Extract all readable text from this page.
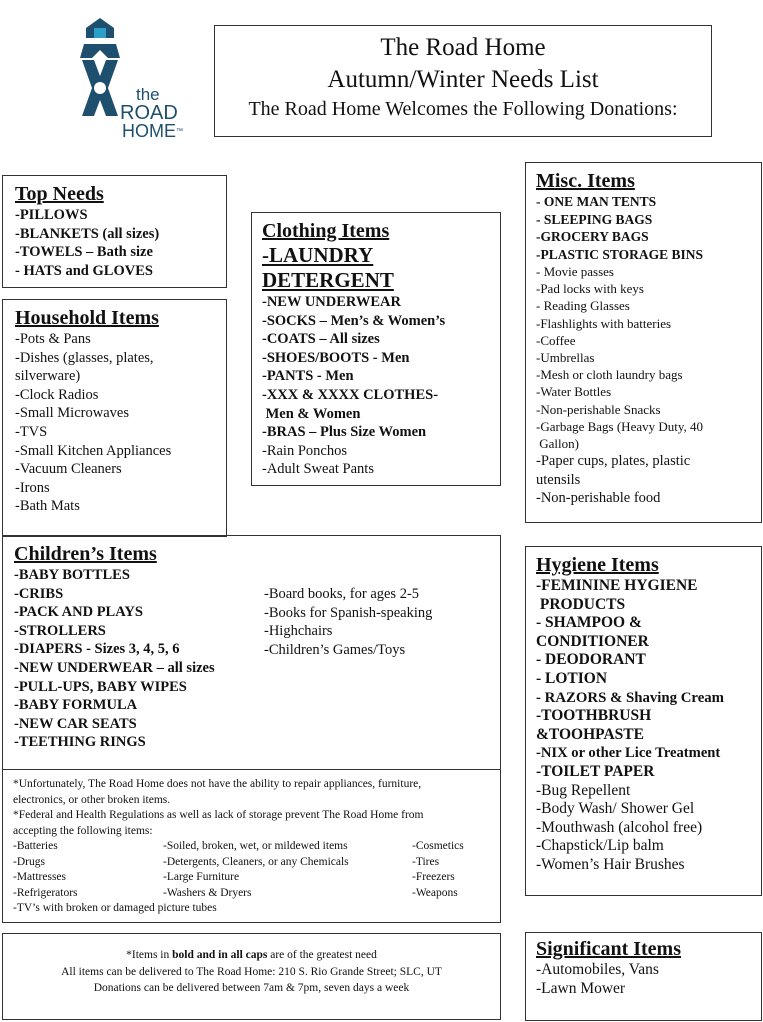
the
ROAD
HOME™
The Road Home
Autumn/Winter Needs List
The Road Home Welcomes the Following Donations:
Top Needs
-PILLOWS
-BLANKETS (all sizes)
-TOWELS – Bath size
- HATS and GLOVES
Household Items
-Pots & Pans
-Dishes (glasses, plates,
silverware)
-Clock Radios
-Small Microwaves
-TVS
-Small Kitchen Appliances
-Vacuum Cleaners
-Irons
-Bath Mats
Clothing Items
-LAUNDRY
DETERGENT
-NEW UNDERWEAR
-SOCKS – Men’s & Women’s
-COATS – All sizes
-SHOES/BOOTS - Men
-PANTS - Men
-XXX & XXXX CLOTHES-
Men & Women
-BRAS – Plus Size Women
-Rain Ponchos
-Adult Sweat Pants
Misc. Items
- ONE MAN TENTS
- SLEEPING BAGS
-GROCERY BAGS
-PLASTIC STORAGE BINS
- Movie passes
-Pad locks with keys
- Reading Glasses
-Flashlights with batteries
-Coffee
-Umbrellas
-Mesh or cloth laundry bags
-Water Bottles
-Non-perishable Snacks
-Garbage Bags (Heavy Duty, 40
Gallon)
-Paper cups, plates, plastic
utensils
-Non-perishable food
Children’s Items
-BABY BOTTLES
-CRIBS
-PACK AND PLAYS
-STROLLERS
-DIAPERS - Sizes 3, 4, 5, 6
-NEW UNDERWEAR – all sizes
-PULL-UPS, BABY WIPES
-BABY FORMULA
-NEW CAR SEATS
-TEETHING RINGS
-Board books, for ages 2-5
-Books for Spanish-speaking
-Highchairs
-Children’s Games/Toys
*Unfortunately, The Road Home does not have the ability to repair appliances, furniture,
electronics, or other broken items.
*Federal and Health Regulations as well as lack of storage prevent The Road Home from
accepting the following items:
-Batteries
-Drugs
-Mattresses
-Refrigerators
-Soiled, broken, wet, or mildewed items
-Detergents, Cleaners, or any Chemicals
-Large Furniture
-Washers & Dryers
-Cosmetics
-Tires
-Freezers
-Weapons
-TV’s with broken or damaged picture tubes
Hygiene Items
-FEMININE HYGIENE
PRODUCTS
- SHAMPOO &
CONDITIONER
- DEODORANT
- LOTION
- RAZORS & Shaving Cream
-TOOTHBRUSH
&TOOHPASTE
-NIX or other Lice Treatment
-TOILET PAPER
-Bug Repellent
-Body Wash/ Shower Gel
-Mouthwash (alcohol free)
-Chapstick/Lip balm
-Women’s Hair Brushes
*Items in bold and in all caps are of the greatest need
All items can be delivered to The Road Home: 210 S. Rio Grande Street; SLC, UT
Donations can be delivered between 7am & 7pm, seven days a week
Significant Items
-Automobiles, Vans
-Lawn Mower
